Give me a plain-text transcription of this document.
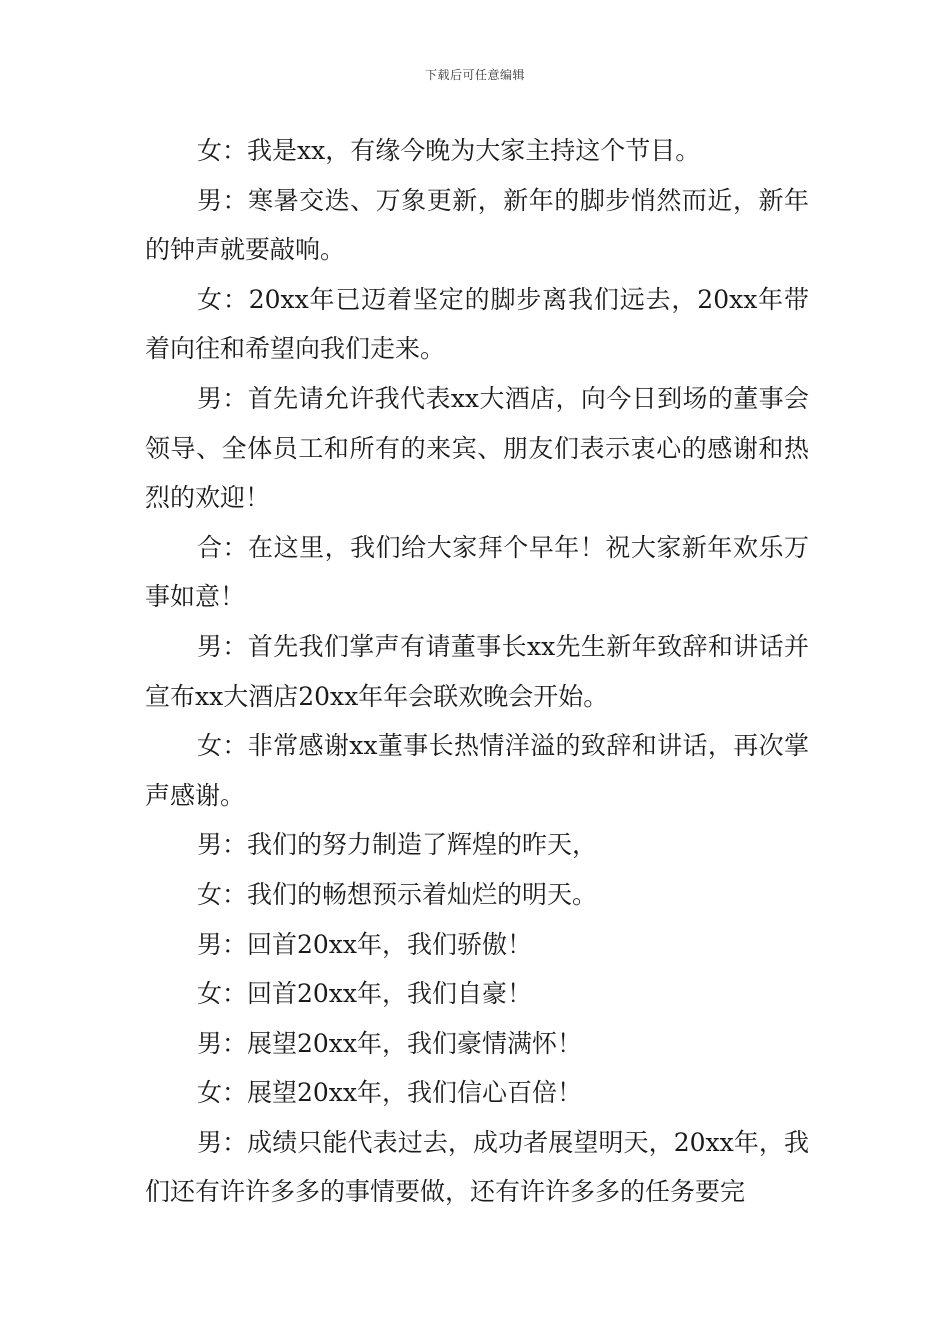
下载后可任意编辑

女：我是xx，有缘今晚为大家主持这个节目。

男：寒暑交迭、万象更新，新年的脚步悄然而近，新年的钟声就要敲响。

女：20xx年已迈着坚定的脚步离我们远去，20xx年带着向往和希望向我们走来。

男：首先请允许我代表xx大酒店，向今日到场的董事会领导、全体员工和所有的来宾、朋友们表示衷心的感谢和热烈的欢迎！

合：在这里，我们给大家拜个早年！祝大家新年欢乐万事如意！

男：首先我们掌声有请董事长xx先生新年致辞和讲话并宣布xx大酒店20xx年年会联欢晚会开始。

女：非常感谢xx董事长热情洋溢的致辞和讲话，再次掌声感谢。

男：我们的努力制造了辉煌的昨天，

女：我们的畅想预示着灿烂的明天。

男：回首20xx年，我们骄傲！

女：回首20xx年，我们自豪！

男：展望20xx年，我们豪情满怀！

女：展望20xx年，我们信心百倍！

男：成绩只能代表过去，成功者展望明天，20xx年，我们还有许许多多的事情要做，还有许许多多的任务要完
